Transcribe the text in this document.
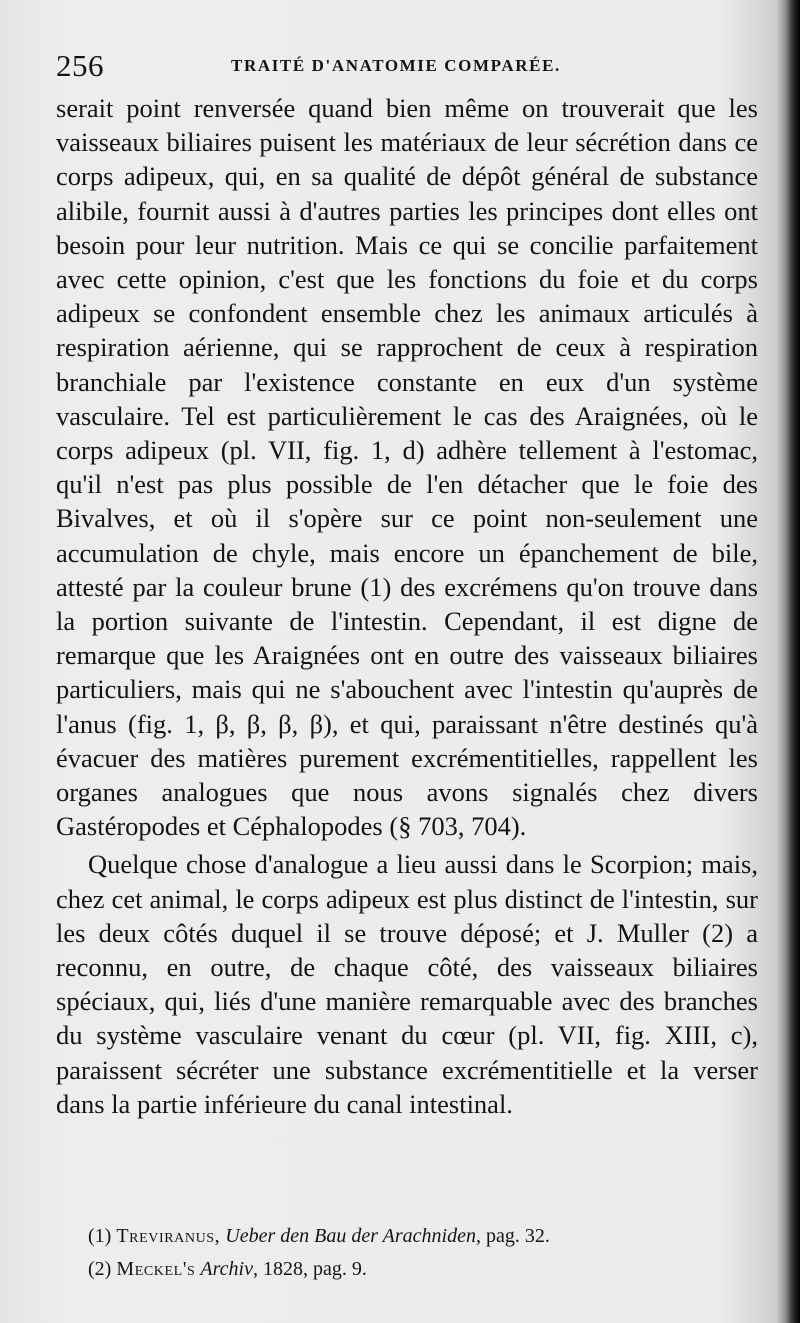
256	TRAITÉ D'ANATOMIE COMPARÉE.

serait point renversée quand bien même on trouverait que les vaisseaux biliaires puisent les matériaux de leur sécrétion dans ce corps adipeux, qui, en sa qualité de dépôt général de substance alibile, fournit aussi à d'autres parties les principes dont elles ont besoin pour leur nutrition. Mais ce qui se concilie parfaitement avec cette opinion, c'est que les fonctions du foie et du corps adipeux se confondent ensemble chez les animaux articulés à respiration aérienne, qui se rapprochent de ceux à respiration branchiale par l'existence constante en eux d'un système vasculaire. Tel est particulièrement le cas des Araignées, où le corps adipeux (pl. VII, fig. 1, d) adhère tellement à l'estomac, qu'il n'est pas plus possible de l'en détacher que le foie des Bivalves, et où il s'opère sur ce point non-seulement une accumulation de chyle, mais encore un épanchement de bile, attesté par la couleur brune (1) des excrémens qu'on trouve dans la portion suivante de l'intestin. Cependant, il est digne de remarque que les Araignées ont en outre des vaisseaux biliaires particuliers, mais qui ne s'abouchent avec l'intestin qu'auprès de l'anus (fig. 1, β, β, β, β), et qui, paraissant n'être destinés qu'à évacuer des matières purement excrémentitielles, rappellent les organes analogues que nous avons signalés chez divers Gastéropodes et Céphalopodes (§ 703, 704).

Quelque chose d'analogue a lieu aussi dans le Scorpion; mais, chez cet animal, le corps adipeux est plus distinct de l'intestin, sur les deux côtés duquel il se trouve déposé; et J. Muller (2) a reconnu, en outre, de chaque côté, des vaisseaux biliaires spéciaux, qui, liés d'une manière remarquable avec des branches du système vasculaire venant du cœur (pl. VII, fig. XIII, c), paraissent sécréter une substance excrémentitielle et la verser dans la partie inférieure du canal intestinal.

(1) Treviranus, Ueber den Bau der Arachniden, pag. 32.

(2) Meckel's Archiv, 1828, pag. 9.
